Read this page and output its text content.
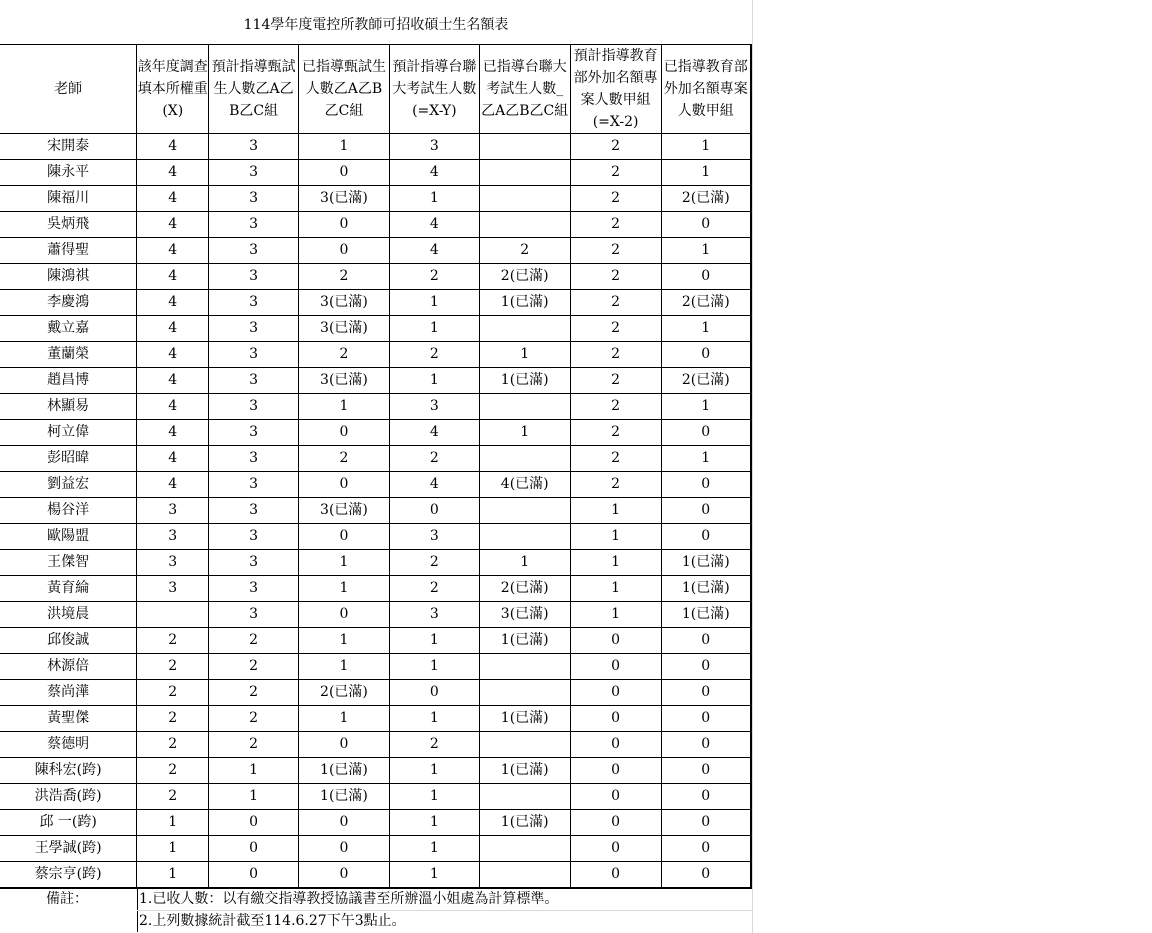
114學年度電控所教師可招收碩士生名額表
老師	該年度調查填本所權重 (X)	預計指導甄試生人數乙A乙B乙C組	已指導甄試生人數乙A乙B乙C組	預計指導台聯大考試生人數(=X-Y)	已指導台聯大考試生人數_乙A乙B乙C組	預計指導教育部外加名額專案人數甲組(=X-2)	已指導教育部外加名額專案人數甲組
宋開泰	4	3	1	3		2	1
陳永平	4	3	0	4		2	1
陳福川	4	3	3(已滿)	1		2	2(已滿)
吳炳飛	4	3	0	4		2	0
蕭得聖	4	3	0	4	2	2	1
陳鴻祺	4	3	2	2	2(已滿)	2	0
李慶鴻	4	3	3(已滿)	1	1(已滿)	2	2(已滿)
戴立嘉	4	3	3(已滿)	1		2	1
董蘭榮	4	3	2	2	1	2	0
趙昌博	4	3	3(已滿)	1	1(已滿)	2	2(已滿)
林顯易	4	3	1	3		2	1
柯立偉	4	3	0	4	1	2	0
彭昭暐	4	3	2	2		2	1
劉益宏	4	3	0	4	4(已滿)	2	0
楊谷洋	3	3	3(已滿)	0		1	0
歐陽盟	3	3	0	3		1	0
王傑智	3	3	1	2	1	1	1(已滿)
黃育綸	3	3	1	2	2(已滿)	1	1(已滿)
洪境晨		3	0	3	3(已滿)	1	1(已滿)
邱俊誠	2	2	1	1	1(已滿)	0	0
林源倍	2	2	1	1		0	0
蔡尚澕	2	2	2(已滿)	0		0	0
黃聖傑	2	2	1	1	1(已滿)	0	0
蔡德明	2	2	0	2		0	0
陳科宏(跨)	2	1	1(已滿)	1	1(已滿)	0	0
洪浩喬(跨)	2	1	1(已滿)	1		0	0
邱 一(跨)	1	0	0	1	1(已滿)	0	0
王學誠(跨)	1	0	0	1		0	0
蔡宗亨(跨)	1	0	0	1		0	0
備註：	1.已收人數：以有繳交指導教授協議書至所辦溫小姐處為計算標準。
2.上列數據統計截至114.6.27下午3點止。
